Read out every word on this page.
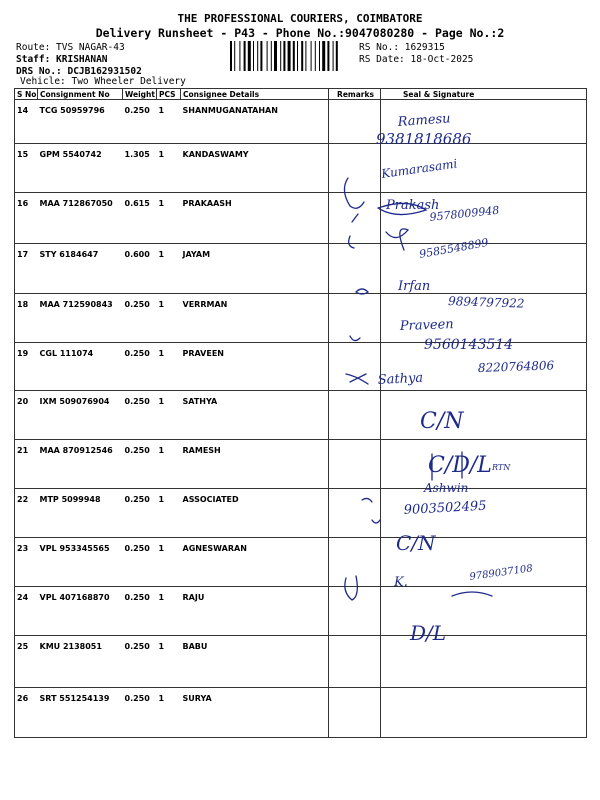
THE PROFESSIONAL COURIERS, COIMBATORE
Delivery Runsheet - P43 - Phone No.:9047080280 - Page No.:2
Route: TVS NAGAR-43
Staff: KRISHANAN
DRS No.: DCJB162931502
Vehicle: Two Wheeler Delivery
RS No.: 1629315
RS Date: 18-Oct-2025
S No	Consignment No	Weight	PCS	Consignee Details	Remarks	Seal & Signature
14	TCG 50959796	0.250	1	SHANMUGANATAHAN		
15	GPM 5540742	1.305	1	KANDASWAMY		
16	MAA 712867050	0.615	1	PRAKAASH		
17	STY 6184647	0.600	1	JAYAM		
18	MAA 712590843	0.250	1	VERRMAN		
19	CGL 111074	0.250	1	PRAVEEN		
20	IXM 509076904	0.250	1	SATHYA		
21	MAA 870912546	0.250	1	RAMESH		
22	MTP 5099948	0.250	1	ASSOCIATED		
23	VPL 953345565	0.250	1	AGNESWARAN		
24	VPL 407168870	0.250	1	RAJU		
25	KMU 2138051	0.250	1	BABU		
26	SRT 551254139	0.250	1	SURYA		
Ramesu
9381818686
Kumarasami
Prakash
9578009948
9585548899
Irfan
9894797922
Praveen
9560143514
Sathya
8220764806
C/N
C/D/L RTN
Ashwin
9003502495
C/N
K.	9789037108
D/L
